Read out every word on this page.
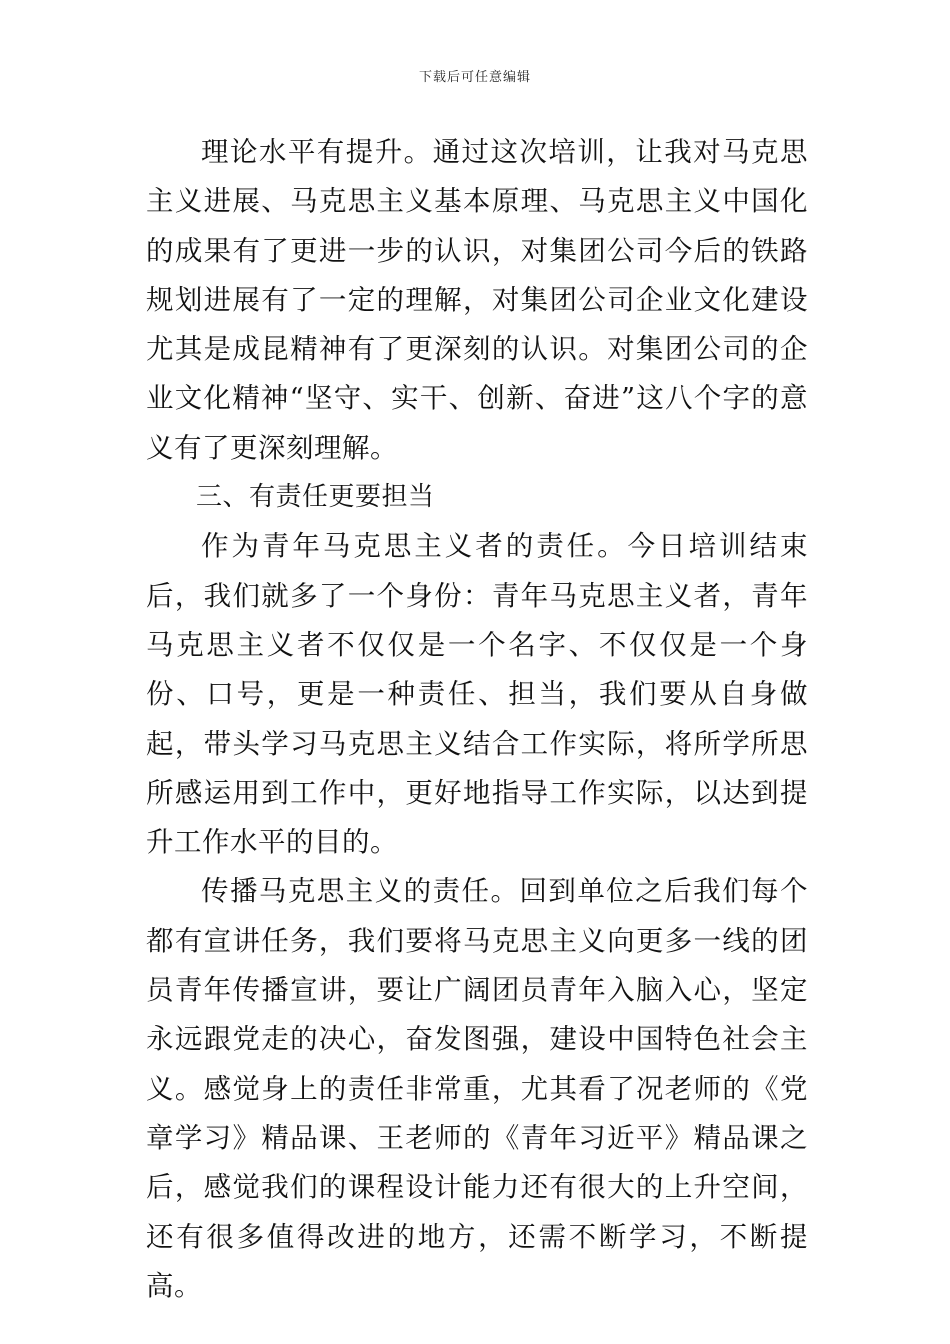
下载后可任意编辑

理论水平有提升。通过这次培训，让我对马克思主义进展、马克思主义基本原理、马克思主义中国化的成果有了更进一步的认识，对集团公司今后的铁路规划进展有了一定的理解，对集团公司企业文化建设尤其是成昆精神有了更深刻的认识。对集团公司的企业文化精神“坚守、实干、创新、奋进”这八个字的意义有了更深刻理解。

三、有责任更要担当

作为青年马克思主义者的责任。今日培训结束后，我们就多了一个身份：青年马克思主义者，青年马克思主义者不仅仅是一个名字、不仅仅是一个身份、口号，更是一种责任、担当，我们要从自身做起，带头学习马克思主义结合工作实际，将所学所思所感运用到工作中，更好地指导工作实际，以达到提升工作水平的目的。

传播马克思主义的责任。回到单位之后我们每个都有宣讲任务，我们要将马克思主义向更多一线的团员青年传播宣讲，要让广阔团员青年入脑入心，坚定永远跟党走的决心，奋发图强，建设中国特色社会主义。感觉身上的责任非常重，尤其看了况老师的《党章学习》精品课、王老师的《青年习近平》精品课之后，感觉我们的课程设计能力还有很大的上升空间，还有很多值得改进的地方，还需不断学习，不断提高。
